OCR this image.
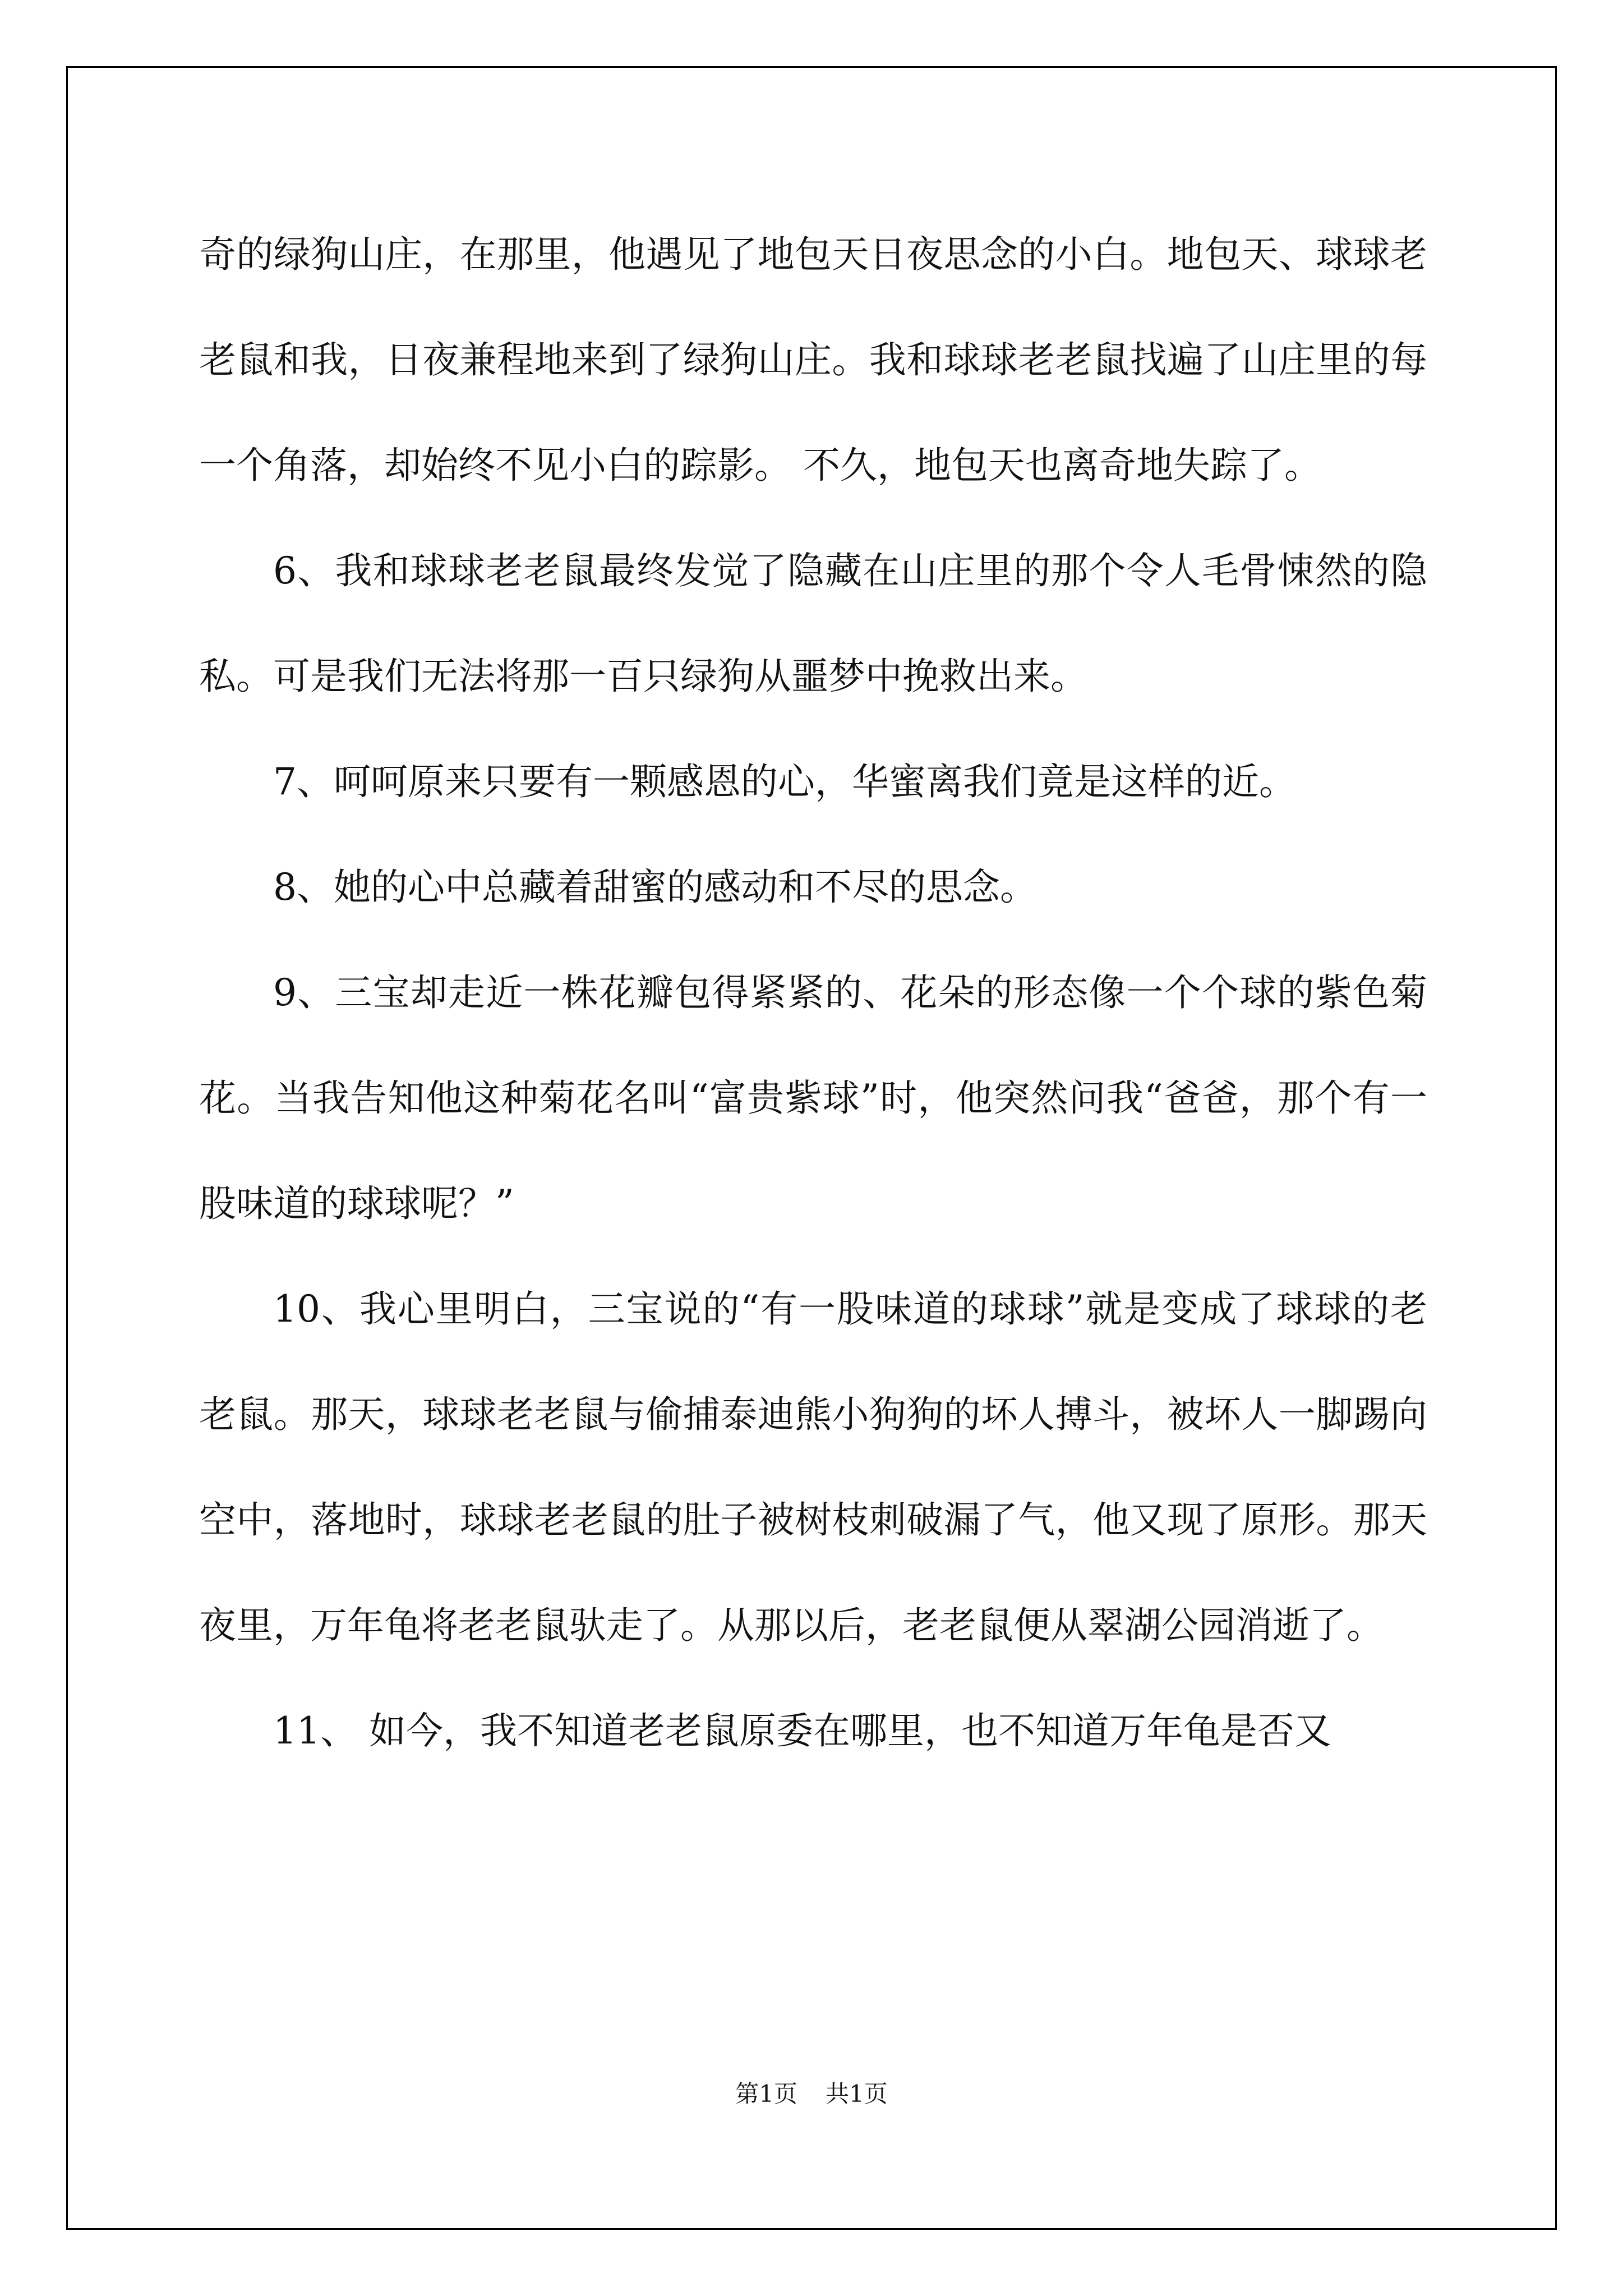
奇的绿狗山庄，在那里，他遇见了地包天日夜思念的小白。地包天、球球老老鼠和我，日夜兼程地来到了绿狗山庄。我和球球老老鼠找遍了山庄里的每一个角落，却始终不见小白的踪影。 不久，地包天也离奇地失踪了。

6、我和球球老老鼠最终发觉了隐藏在山庄里的那个令人毛骨悚然的隐私。可是我们无法将那一百只绿狗从噩梦中挽救出来。

7、呵呵原来只要有一颗感恩的心，华蜜离我们竟是这样的近。

8、她的心中总藏着甜蜜的感动和不尽的思念。

9、三宝却走近一株花瓣包得紧紧的、花朵的形态像一个个球的紫色菊花。当我告知他这种菊花名叫“富贵紫球”时，他突然问我“爸爸，那个有一股味道的球球呢？”

10、我心里明白，三宝说的“有一股味道的球球”就是变成了球球的老老鼠。那天，球球老老鼠与偷捕泰迪熊小狗狗的坏人搏斗，被坏人一脚踢向空中，落地时，球球老老鼠的肚子被树枝刺破漏了气，他又现了原形。那天夜里，万年龟将老老鼠驮走了。从那以后，老老鼠便从翠湖公园消逝了。

11、 如今，我不知道老老鼠原委在哪里，也不知道万年龟是否又

第1页 共1页
